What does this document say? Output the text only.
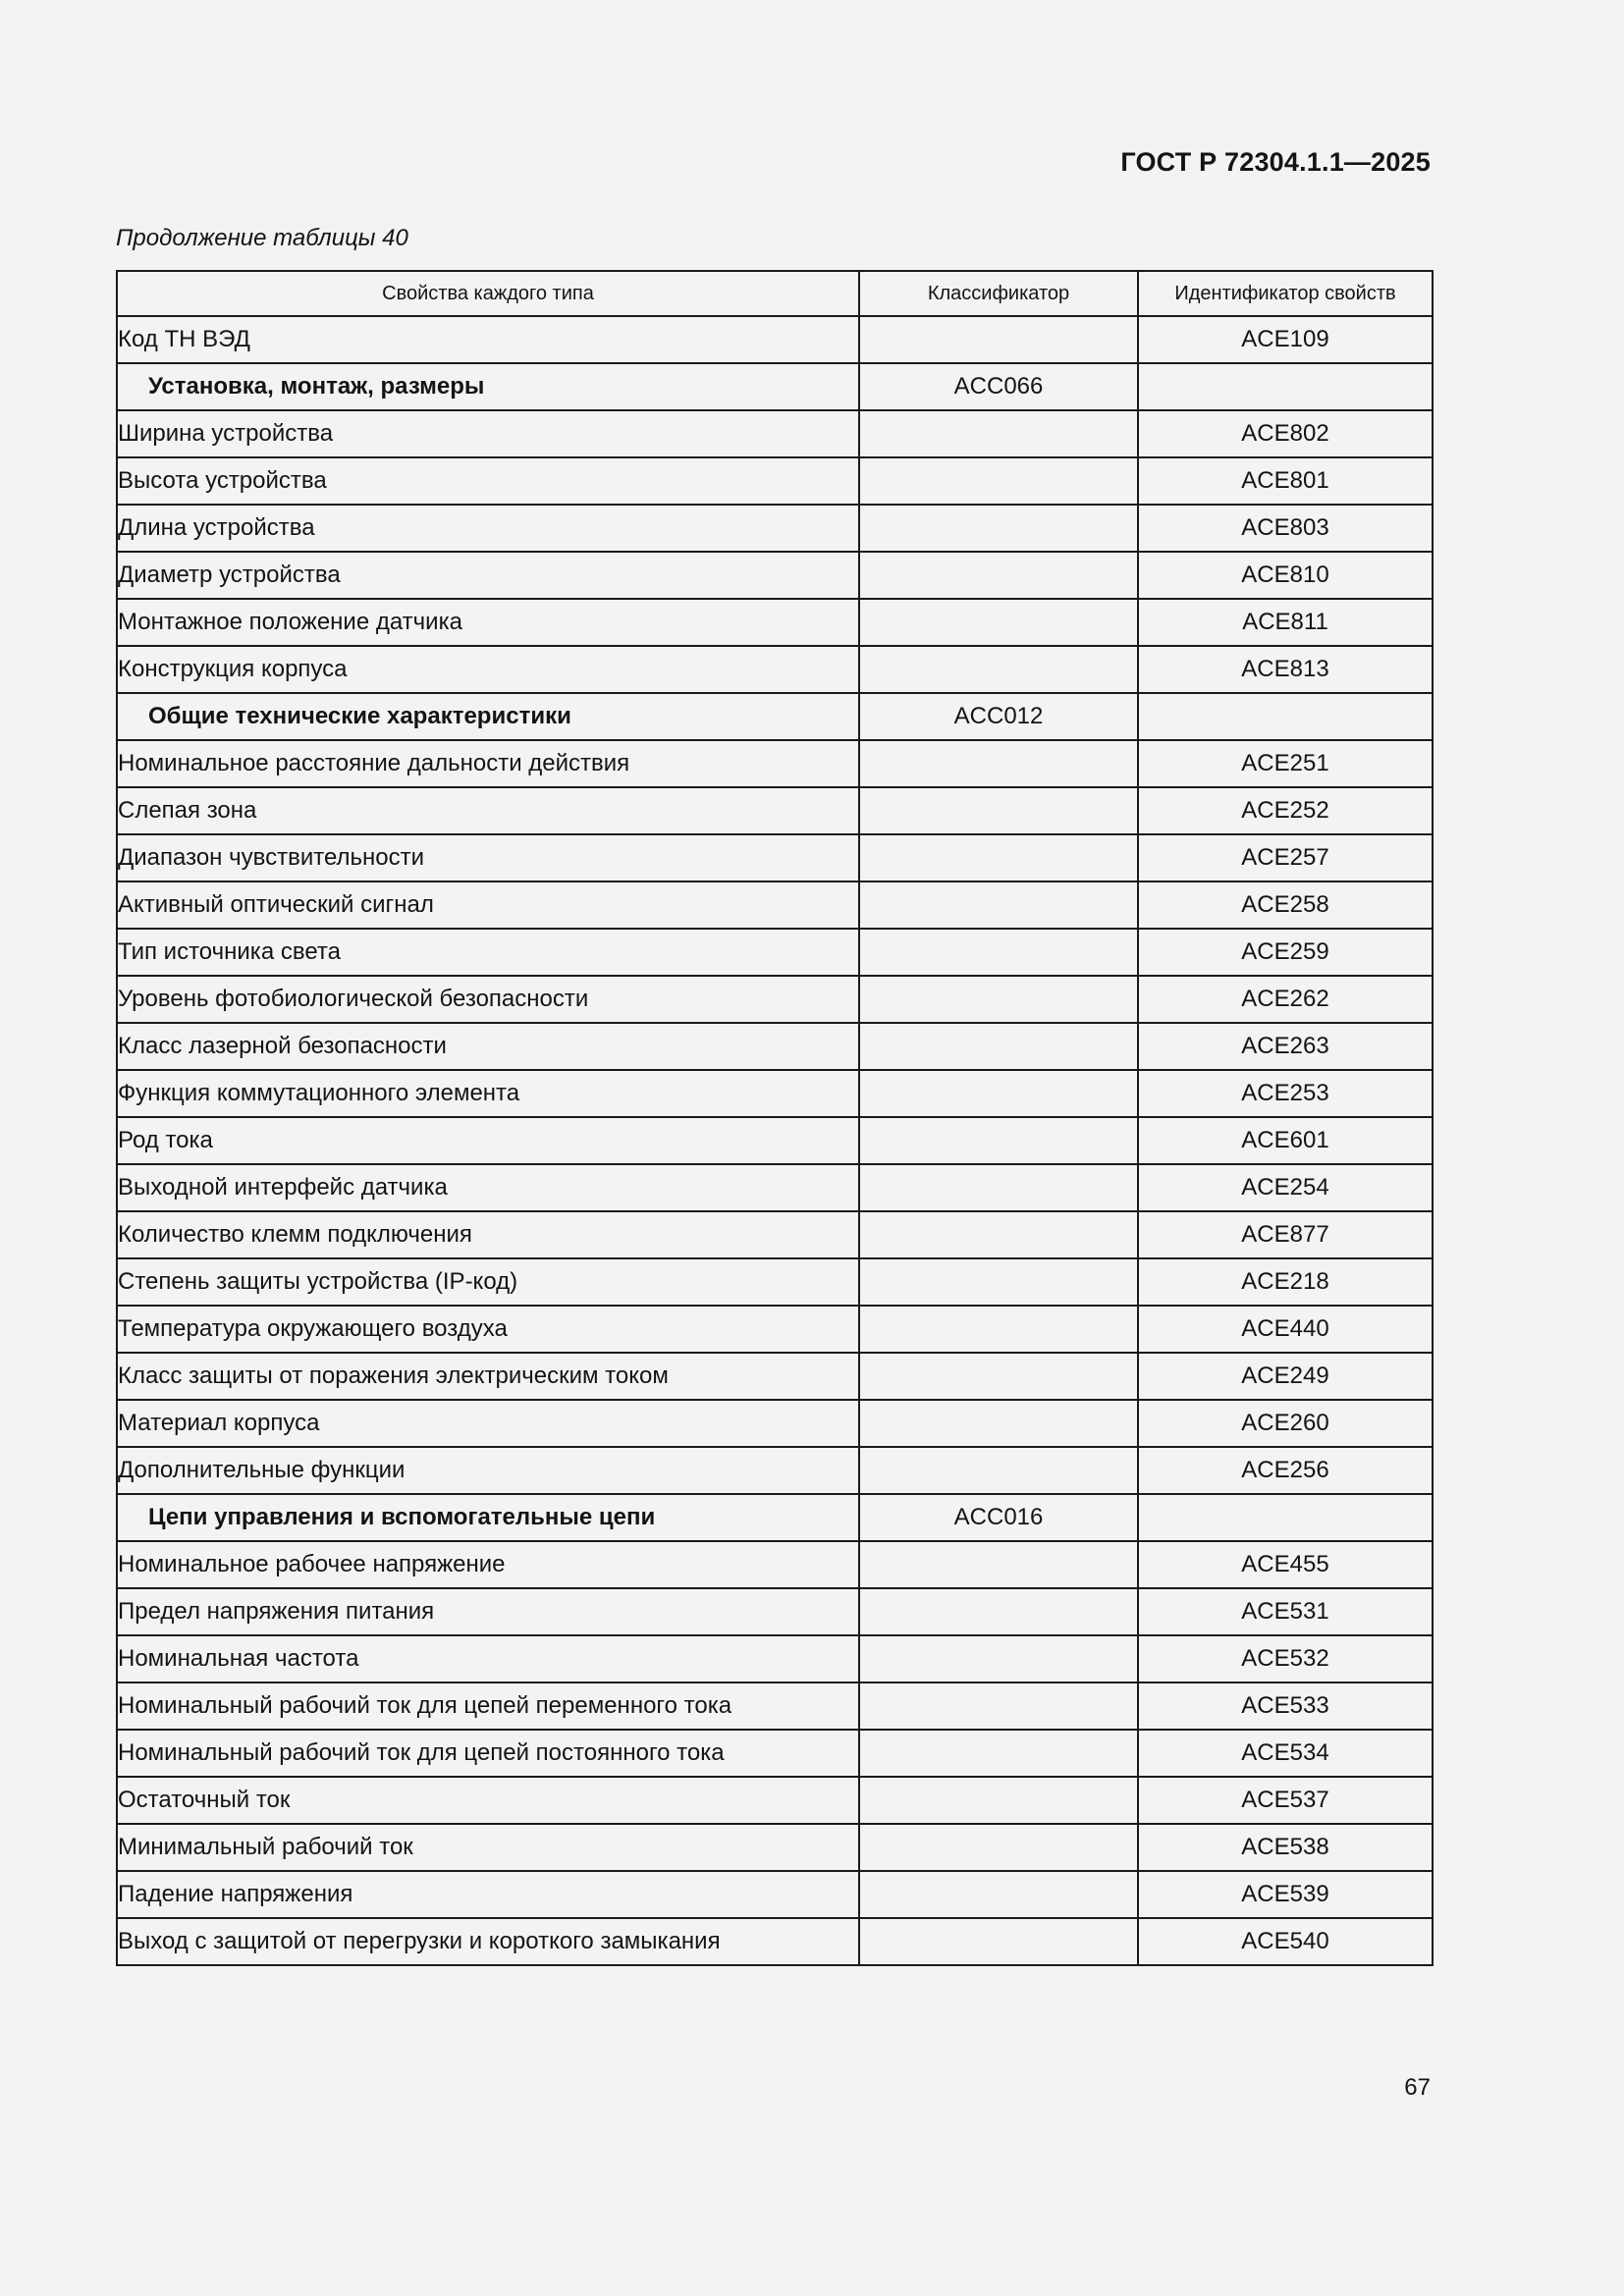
ГОСТ Р 72304.1.1—2025
Продолжение таблицы 40
Свойства каждого типа	Классификатор	Идентификатор свойств
Код ТН ВЭД		ACE109
Установка, монтаж, размеры	ACC066	
Ширина устройства		ACE802
Высота устройства		ACE801
Длина устройства		ACE803
Диаметр устройства		ACE810
Монтажное положение датчика		ACE811
Конструкция корпуса		ACE813
Общие технические характеристики	ACC012	
Номинальное расстояние дальности действия		ACE251
Слепая зона		ACE252
Диапазон чувствительности		ACE257
Активный оптический сигнал		ACE258
Тип источника света		ACE259
Уровень фотобиологической безопасности		ACE262
Класс лазерной безопасности		ACE263
Функция коммутационного элемента		ACE253
Род тока		ACE601
Выходной интерфейс датчика		ACE254
Количество клемм подключения		ACE877
Степень защиты устройства (IP-код)		ACE218
Температура окружающего воздуха		ACE440
Класс защиты от поражения электрическим током		ACE249
Материал корпуса		ACE260
Дополнительные функции		ACE256
Цепи управления и вспомогательные цепи	ACC016	
Номинальное рабочее напряжение		ACE455
Предел напряжения питания		ACE531
Номинальная частота		ACE532
Номинальный рабочий ток для цепей переменного тока		ACE533
Номинальный рабочий ток для цепей постоянного тока		ACE534
Остаточный ток		ACE537
Минимальный рабочий ток		ACE538
Падение напряжения		ACE539
Выход с защитой от перегрузки и короткого замыкания		ACE540
67
